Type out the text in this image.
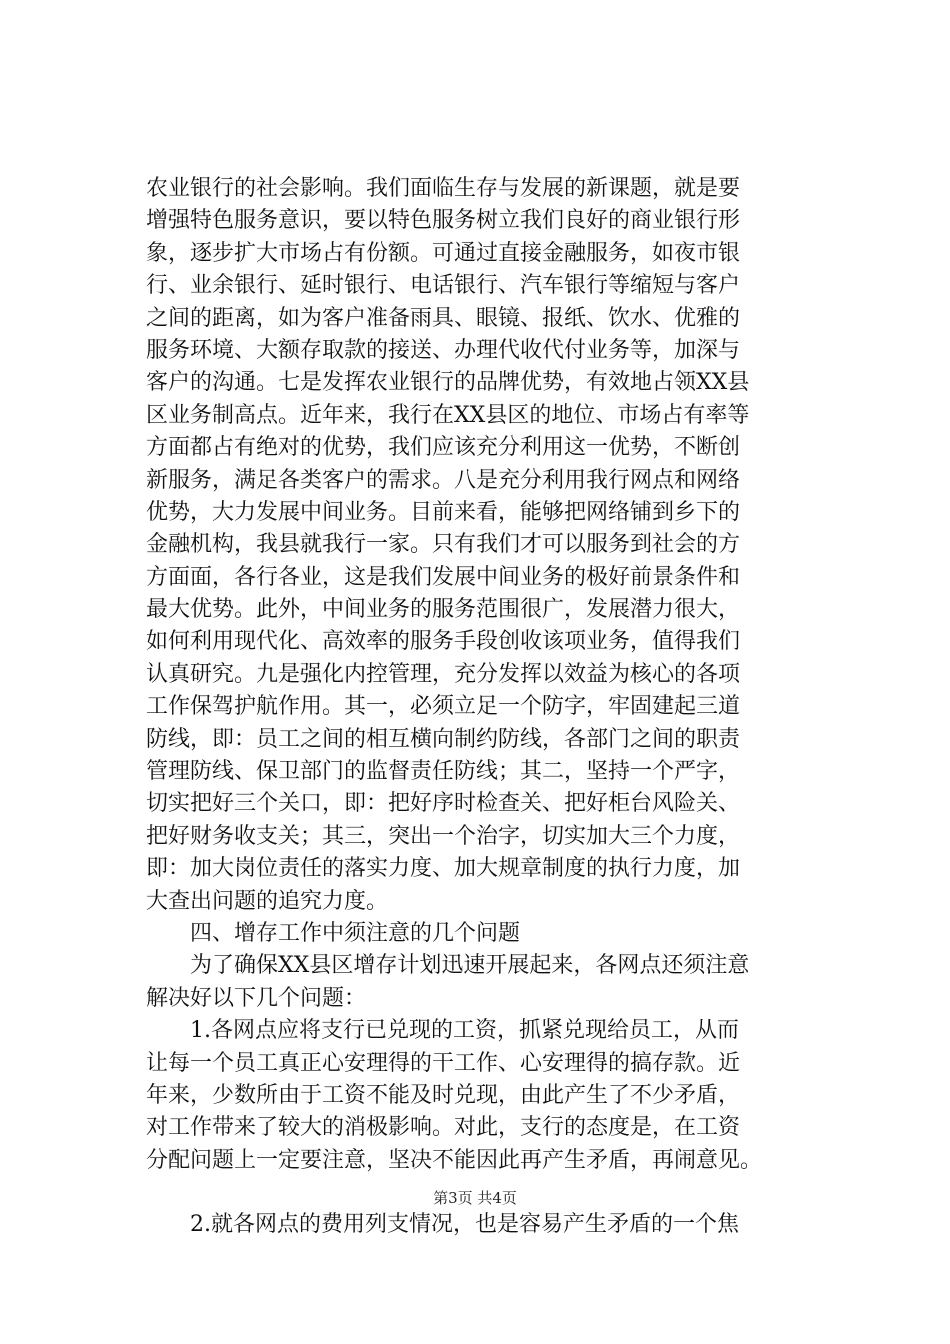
农业银行的社会影响。我们面临生存与发展的新课题，就是要
增强特色服务意识，要以特色服务树立我们良好的商业银行形
象，逐步扩大市场占有份额。可通过直接金融服务，如夜市银
行、业余银行、延时银行、电话银行、汽车银行等缩短与客户
之间的距离，如为客户准备雨具、眼镜、报纸、饮水、优雅的
服务环境、大额存取款的接送、办理代收代付业务等，加深与
客户的沟通。七是发挥农业银行的品牌优势，有效地占领XX县
区业务制高点。近年来，我行在XX县区的地位、市场占有率等
方面都占有绝对的优势，我们应该充分利用这一优势，不断创
新服务，满足各类客户的需求。八是充分利用我行网点和网络
优势，大力发展中间业务。目前来看，能够把网络铺到乡下的
金融机构，我县就我行一家。只有我们才可以服务到社会的方
方面面，各行各业，这是我们发展中间业务的极好前景条件和
最大优势。此外，中间业务的服务范围很广，发展潜力很大，
如何利用现代化、高效率的服务手段创收该项业务，值得我们
认真研究。九是强化内控管理，充分发挥以效益为核心的各项
工作保驾护航作用。其一，必须立足一个防字，牢固建起三道
防线，即：员工之间的相互横向制约防线，各部门之间的职责
管理防线、保卫部门的监督责任防线；其二，坚持一个严字，
切实把好三个关口，即：把好序时检查关、把好柜台风险关、
把好财务收支关；其三，突出一个治字，切实加大三个力度，
即：加大岗位责任的落实力度、加大规章制度的执行力度，加
大查出问题的追究力度。
　　四、增存工作中须注意的几个问题
　　为了确保XX县区增存计划迅速开展起来，各网点还须注意
解决好以下几个问题：
　　1.各网点应将支行已兑现的工资，抓紧兑现给员工，从而
让每一个员工真正心安理得的干工作、心安理得的搞存款。近
年来，少数所由于工资不能及时兑现，由此产生了不少矛盾，
对工作带来了较大的消极影响。对此，支行的态度是，在工资
分配问题上一定要注意，坚决不能因此再产生矛盾，再闹意见。
　　2.就各网点的费用列支情况，也是容易产生矛盾的一个焦
第3页 共4页
